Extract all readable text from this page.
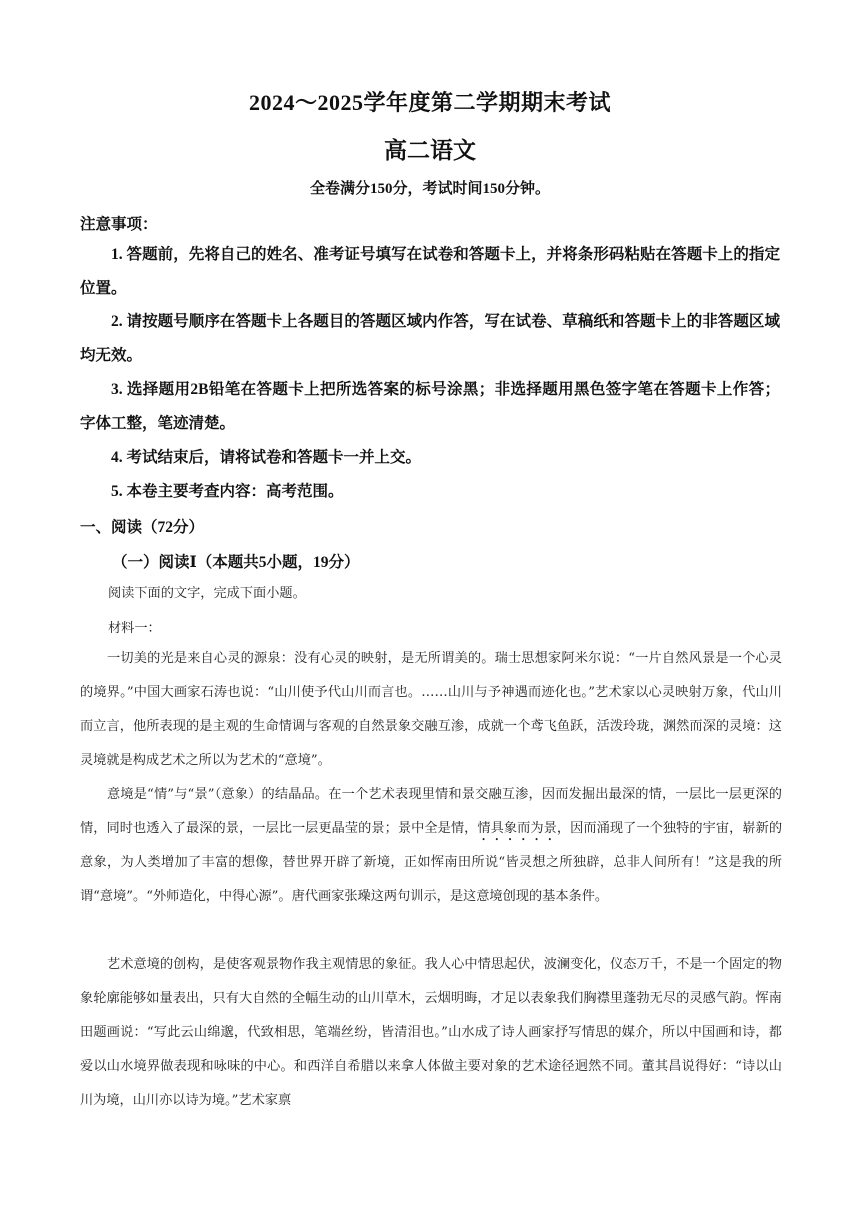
2024～2025学年度第二学期期末考试
高二语文
全卷满分150分，考试时间150分钟。
注意事项：
1. 答题前，先将自己的姓名、准考证号填写在试卷和答题卡上，并将条形码粘贴在答题卡上的指定位置。
2. 请按题号顺序在答题卡上各题目的答题区域内作答，写在试卷、草稿纸和答题卡上的非答题区域均无效。
3. 选择题用2B铅笔在答题卡上把所选答案的标号涂黑；非选择题用黑色签字笔在答题卡上作答；字体工整，笔迹清楚。
4. 考试结束后，请将试卷和答题卡一并上交。
5. 本卷主要考查内容：高考范围。
一、阅读（72分）
（一）阅读Ⅰ（本题共5小题，19分）
阅读下面的文字，完成下面小题。
材料一：
一切美的光是来自心灵的源泉：没有心灵的映射，是无所谓美的。瑞士思想家阿米尔说：“一片自然风景是一个心灵的境界。”中国大画家石涛也说：“山川使予代山川而言也。……山川与予神遇而迹化也。”艺术家以心灵映射万象，代山川而立言，他所表现的是主观的生命情调与客观的自然景象交融互渗，成就一个鸢飞鱼跃，活泼玲珑，渊然而深的灵境：这灵境就是构成艺术之所以为艺术的“意境”。
意境是“情”与“景”（意象）的结晶品。在一个艺术表现里情和景交融互渗，因而发掘出最深的情，一层比一层更深的情，同时也透入了最深的景，一层比一层更晶莹的景；景中全是情，情具象而为景，因而涌现了一个独特的宇宙，崭新的意象，为人类增加了丰富的想像，替世界开辟了新境，正如恽南田所说“皆灵想之所独辟，总非人间所有！”这是我的所谓“意境”。“外师造化，中得心源”。唐代画家张璪这两句训示，是这意境创现的基本条件。
艺术意境的创构，是使客观景物作我主观情思的象征。我人心中情思起伏，波澜变化，仪态万千，不是一个固定的物象轮廓能够如量表出，只有大自然的全幅生动的山川草木，云烟明晦，才足以表象我们胸襟里蓬勃无尽的灵感气韵。恽南田题画说：“写此云山绵邈，代致相思，笔端丝纷，皆清泪也。”山水成了诗人画家抒写情思的媒介，所以中国画和诗，都爱以山水境界做表现和咏味的中心。和西洋自希腊以来拿人体做主要对象的艺术途径迥然不同。董其昌说得好：“诗以山川为境，山川亦以诗为境。”艺术家禀
